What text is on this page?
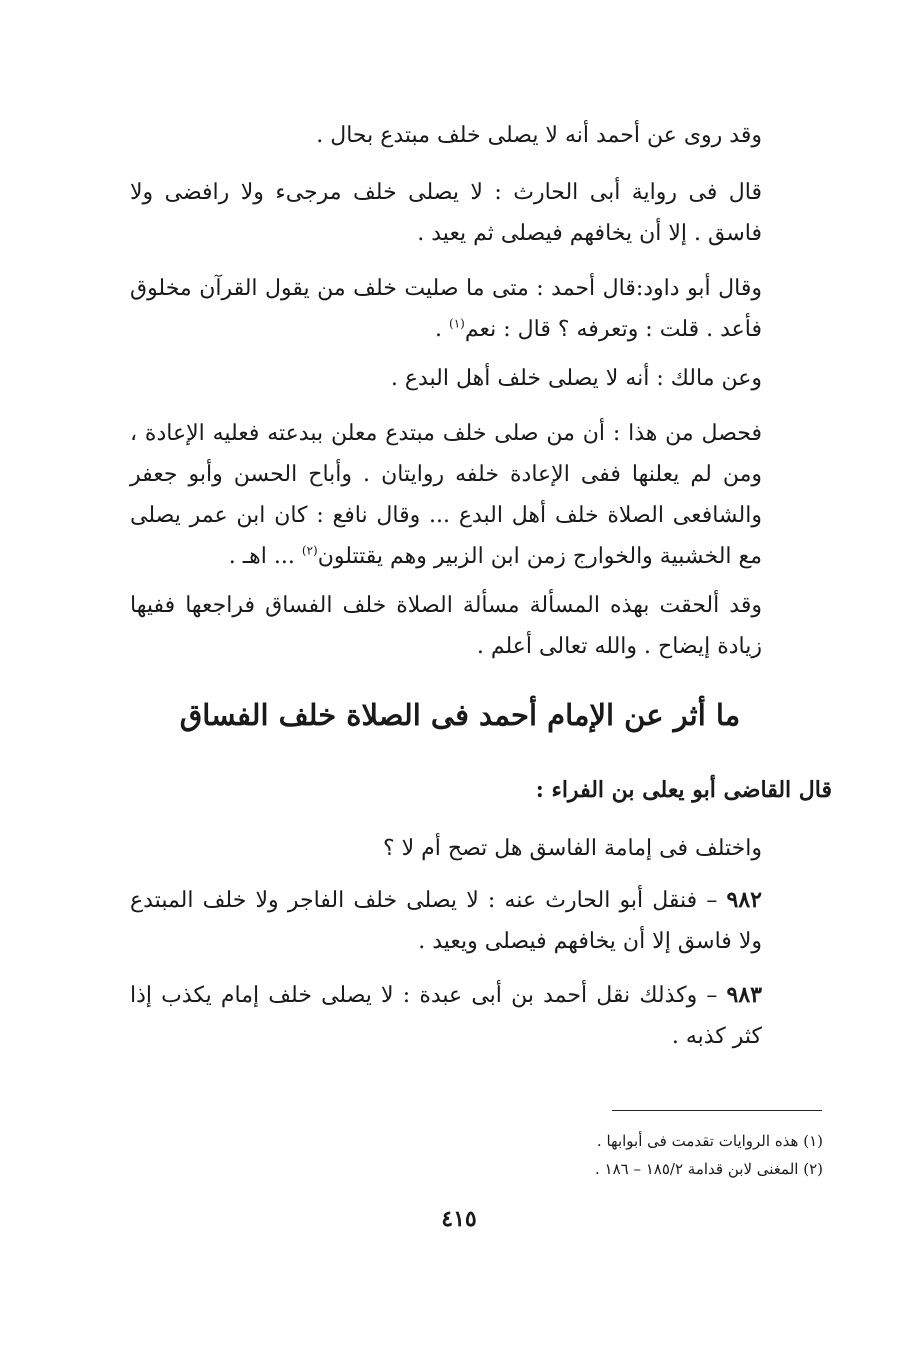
وقد روى عن أحمد أنه لا يصلى خلف مبتدع بحال .

قال فى رواية أبى الحارث : لا يصلى خلف مرجىء ولا رافضى ولا فاسق . إلا أن يخافهم فيصلى ثم يعيد .

وقال أبو داود:قال أحمد : متى ما صليت خلف من يقول القرآن مخلوق فأعد . قلت : وتعرفه ؟ قال : نعم$^{(١)}$ .

وعن مالك : أنه لا يصلى خلف أهل البدع .

فحصل من هذا : أن من صلى خلف مبتدع معلن ببدعته فعليه الإعادة ، ومن لم يعلنها ففى الإعادة خلفه روايتان . وأباح الحسن وأبو جعفر والشافعى الصلاة خلف أهل البدع ... وقال نافع : كان ابن عمر يصلى مع الخشبية والخوارج زمن ابن الزبير وهم يقتتلون$^{(٢)}$ ... اهـ .

وقد ألحقت بهذه المسألة مسألة الصلاة خلف الفساق فراجعها ففيها زيادة إيضاح . والله تعالى أعلم .

ما أثر عن الإمام أحمد فى الصلاة خلف الفساق

قال القاضى أبو يعلى بن الفراء :

واختلف فى إمامة الفاسق هل تصح أم لا ؟

٩٨٢ – فنقل أبو الحارث عنه : لا يصلى خلف الفاجر ولا خلف المبتدع ولا فاسق إلا أن يخافهم فيصلى ويعيد .

٩٨٣ – وكذلك نقل أحمد بن أبى عبدة : لا يصلى خلف إمام يكذب إذا كثر كذبه .

(١) هذه الروايات تقدمت فى أبوابها .

(٢) المغنى لابن قدامة ١٨٥/٢ – ١٨٦ .

٤١٥
